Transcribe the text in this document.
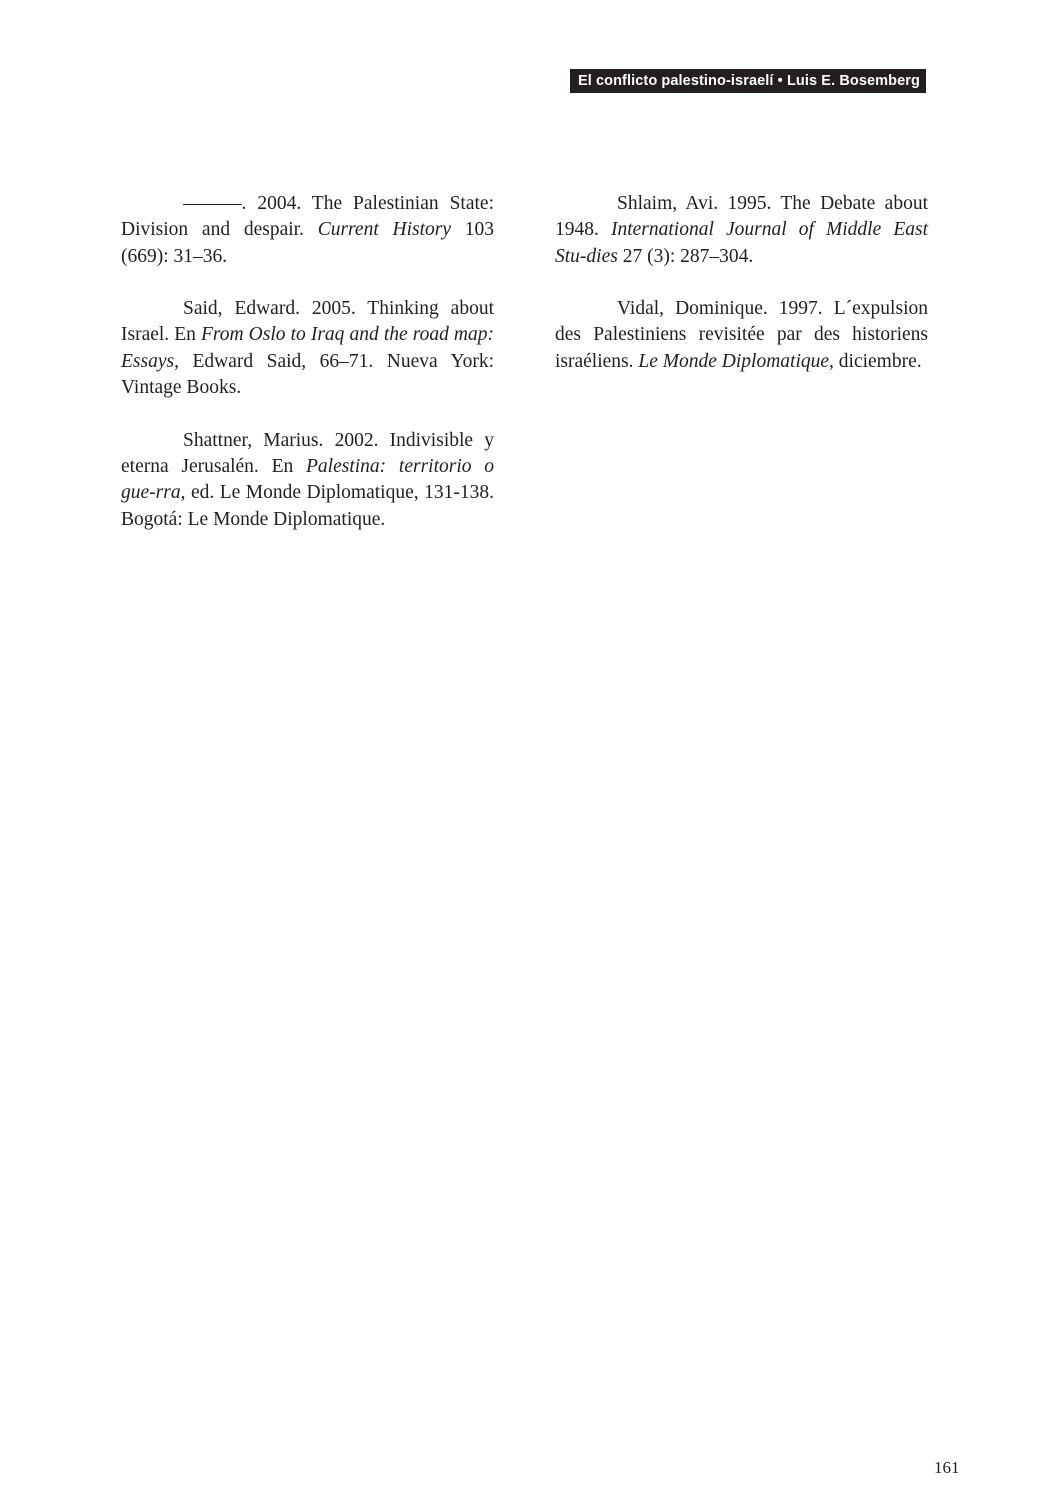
El conflicto palestino-israelí • Luis E. Bosemberg

———. 2004. The Palestinian State: Division and despair. Current History 103 (669): 31–36.

Said, Edward. 2005. Thinking about Israel. En From Oslo to Iraq and the road map: Essays, Edward Said, 66–71. Nueva York: Vintage Books.

Shattner, Marius. 2002. Indivisible y eterna Jerusalén. En Palestina: territorio o gue-rra, ed. Le Monde Diplomatique, 131-138. Bogotá: Le Monde Diplomatique.

Shlaim, Avi. 1995. The Debate about 1948. International Journal of Middle East Stu-dies 27 (3): 287–304.

Vidal, Dominique. 1997. L´expulsion des Palestiniens revisitée par des historiens israéliens. Le Monde Diplomatique, diciembre.

161
